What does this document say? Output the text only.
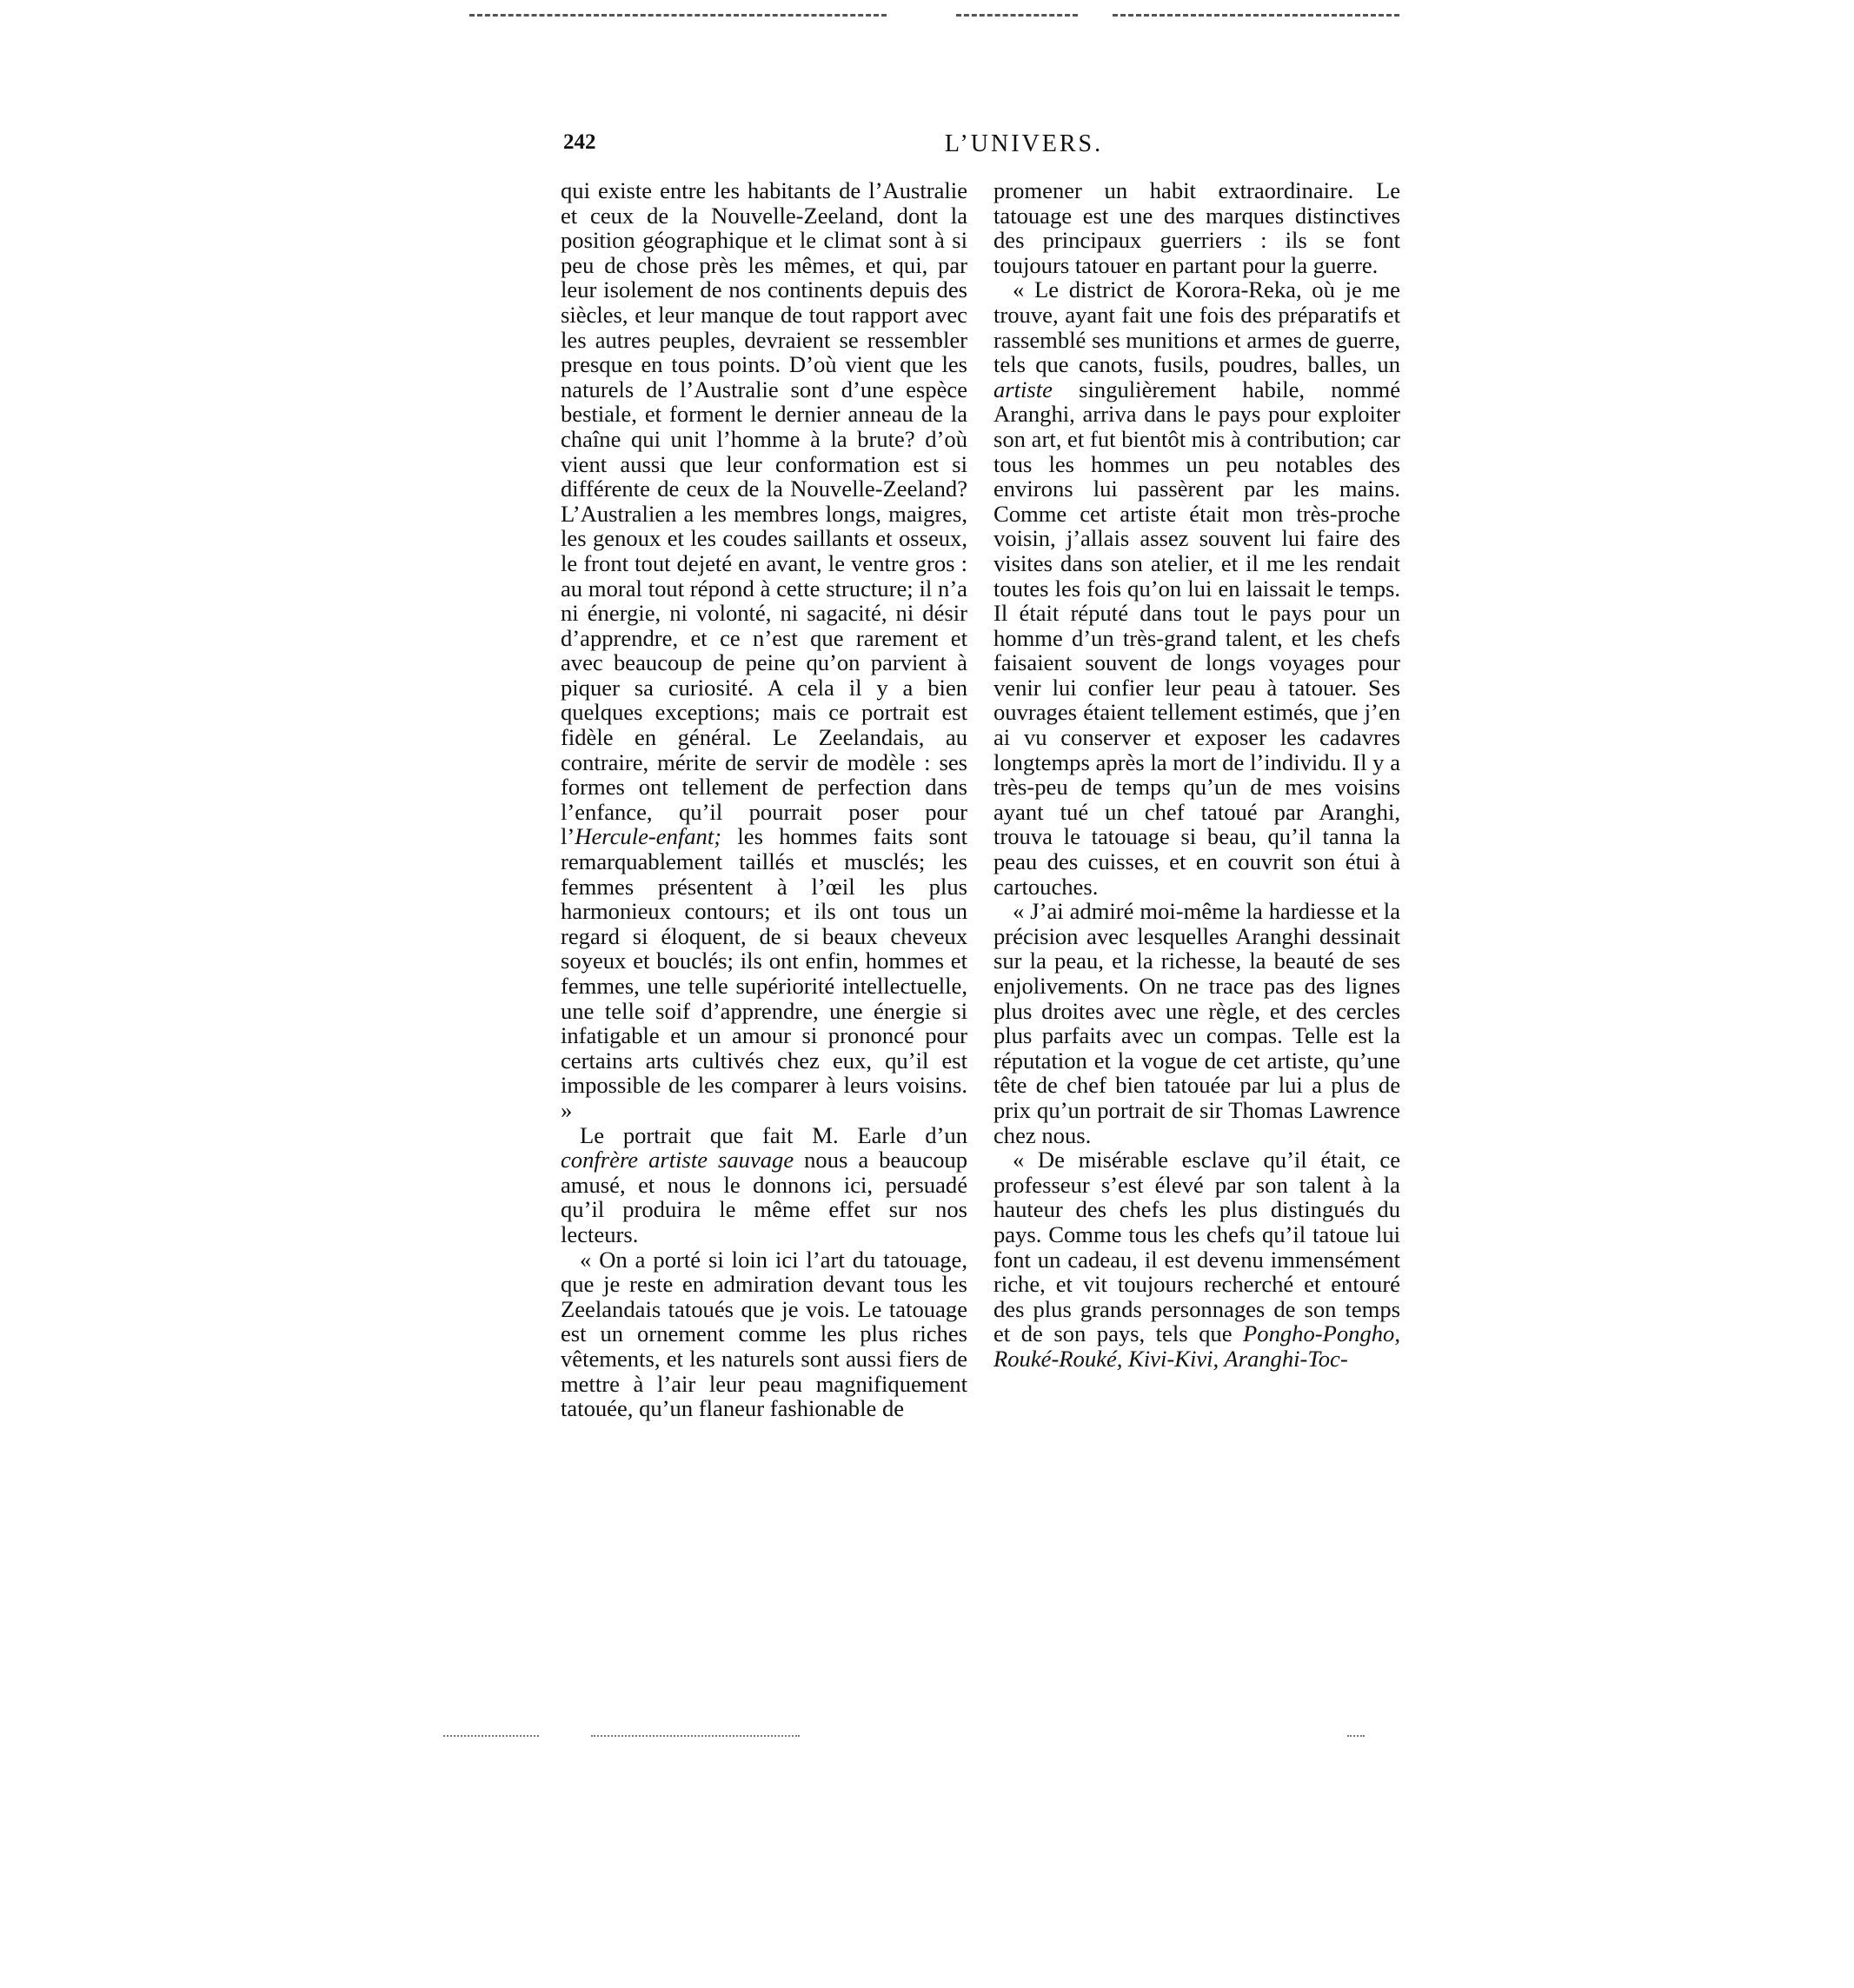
242	L’UNIVERS.

qui existe entre les habitants de l’Australie et ceux de la Nouvelle-Zeeland, dont la position géographique et le climat sont à si peu de chose près les mêmes, et qui, par leur isolement de nos continents depuis des siècles, et leur manque de tout rapport avec les autres peuples, devraient se ressembler presque en tous points. D’où vient que les naturels de l’Australie sont d’une espèce bestiale, et forment le dernier anneau de la chaîne qui unit l’homme à la brute? d’où vient aussi que leur conformation est si différente de ceux de la Nouvelle-Zeeland? L’Australien a les membres longs, maigres, les genoux et les coudes saillants et osseux, le front tout dejeté en avant, le ventre gros : au moral tout répond à cette structure; il n’a ni énergie, ni volonté, ni sagacité, ni désir d’apprendre, et ce n’est que rarement et avec beaucoup de peine qu’on parvient à piquer sa curiosité. A cela il y a bien quelques exceptions; mais ce portrait est fidèle en général. Le Zeelandais, au contraire, mérite de servir de modèle : ses formes ont tellement de perfection dans l’enfance, qu’il pourrait poser pour l’Hercule-enfant; les hommes faits sont remarquablement taillés et musclés; les femmes présentent à l’œil les plus harmonieux contours; et ils ont tous un regard si éloquent, de si beaux cheveux soyeux et bouclés; ils ont enfin, hommes et femmes, une telle supériorité intellectuelle, une telle soif d’apprendre, une énergie si infatigable et un amour si prononcé pour certains arts cultivés chez eux, qu’il est impossible de les comparer à leurs voisins. »

Le portrait que fait M. Earle d’un confrère artiste sauvage nous a beaucoup amusé, et nous le donnons ici, persuadé qu’il produira le même effet sur nos lecteurs.

« On a porté si loin ici l’art du tatouage, que je reste en admiration devant tous les Zeelandais tatoués que je vois. Le tatouage est un ornement comme les plus riches vêtements, et les naturels sont aussi fiers de mettre à l’air leur peau magnifiquement tatouée, qu’un flaneur fashionable de

promener un habit extraordinaire. Le tatouage est une des marques distinctives des principaux guerriers : ils se font toujours tatouer en partant pour la guerre.

« Le district de Korora-Reka, où je me trouve, ayant fait une fois des préparatifs et rassemblé ses munitions et armes de guerre, tels que canots, fusils, poudres, balles, un artiste singulièrement habile, nommé Aranghi, arriva dans le pays pour exploiter son art, et fut bientôt mis à contribution; car tous les hommes un peu notables des environs lui passèrent par les mains. Comme cet artiste était mon très-proche voisin, j’allais assez souvent lui faire des visites dans son atelier, et il me les rendait toutes les fois qu’on lui en laissait le temps. Il était réputé dans tout le pays pour un homme d’un très-grand talent, et les chefs faisaient souvent de longs voyages pour venir lui confier leur peau à tatouer. Ses ouvrages étaient tellement estimés, que j’en ai vu conserver et exposer les cadavres longtemps après la mort de l’individu. Il y a très-peu de temps qu’un de mes voisins ayant tué un chef tatoué par Aranghi, trouva le tatouage si beau, qu’il tanna la peau des cuisses, et en couvrit son étui à cartouches.

« J’ai admiré moi-même la hardiesse et la précision avec lesquelles Aranghi dessinait sur la peau, et la richesse, la beauté de ses enjolivements. On ne trace pas des lignes plus droites avec une règle, et des cercles plus parfaits avec un compas. Telle est la réputation et la vogue de cet artiste, qu’une tête de chef bien tatouée par lui a plus de prix qu’un portrait de sir Thomas Lawrence chez nous.

« De misérable esclave qu’il était, ce professeur s’est élevé par son talent à la hauteur des chefs les plus distingués du pays. Comme tous les chefs qu’il tatoue lui font un cadeau, il est devenu immensément riche, et vit toujours recherché et entouré des plus grands personnages de son temps et de son pays, tels que Pongho-Pongho, Rouké-Rouké, Kivi-Kivi, Aranghi-Toc-
